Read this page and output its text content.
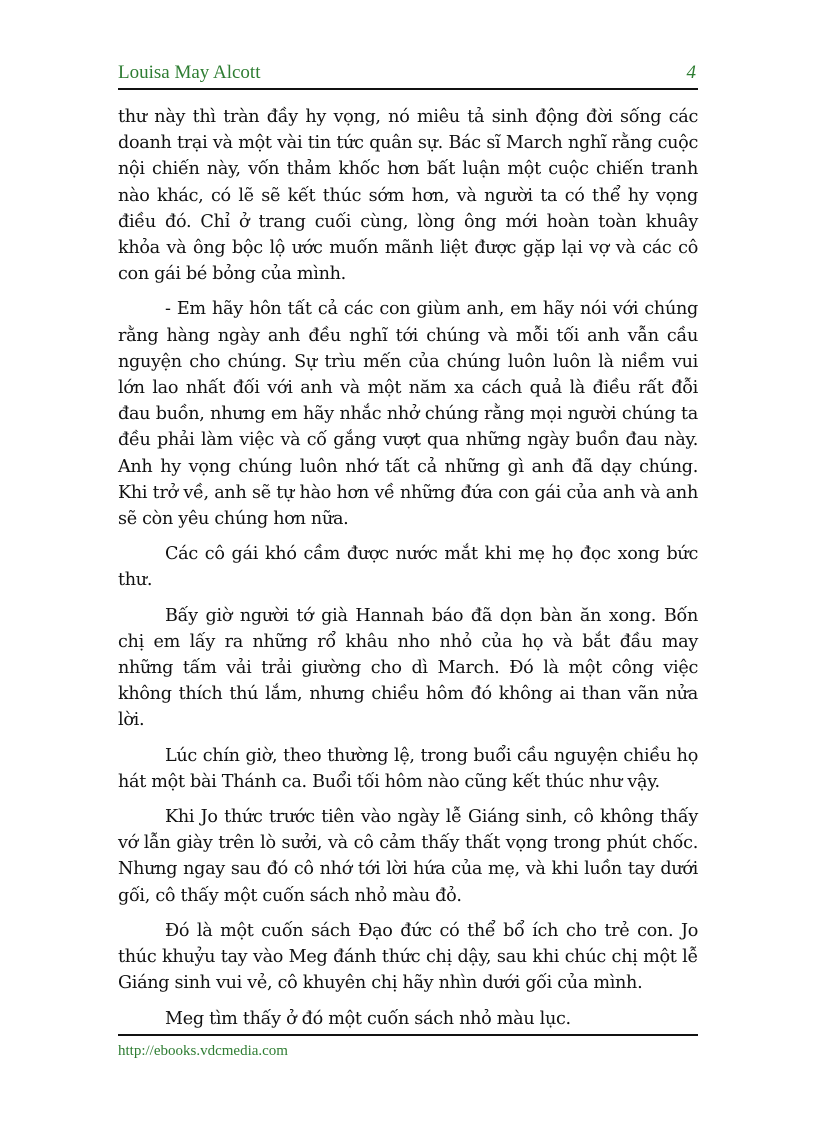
Louisa May Alcott	4

thư này thì tràn đầy hy vọng, nó miêu tả sinh động đời sống các doanh trại và một vài tin tức quân sự. Bác sĩ March nghĩ rằng cuộc nội chiến này, vốn thảm khốc hơn bất luận một cuộc chiến tranh nào khác, có lẽ sẽ kết thúc sớm hơn, và người ta có thể hy vọng điều đó. Chỉ ở trang cuối cùng, lòng ông mới hoàn toàn khuây khỏa và ông bộc lộ ước muốn mãnh liệt được gặp lại vợ và các cô con gái bé bỏng của mình.

- Em hãy hôn tất cả các con giùm anh, em hãy nói với chúng rằng hàng ngày anh đều nghĩ tới chúng và mỗi tối anh vẫn cầu nguyện cho chúng. Sự trìu mến của chúng luôn luôn là niềm vui lớn lao nhất đối với anh và một năm xa cách quả là điều rất đỗi đau buồn, nhưng em hãy nhắc nhở chúng rằng mọi người chúng ta đều phải làm việc và cố gắng vượt qua những ngày buồn đau này. Anh hy vọng chúng luôn nhớ tất cả những gì anh đã dạy chúng. Khi trở về, anh sẽ tự hào hơn về những đứa con gái của anh và anh sẽ còn yêu chúng hơn nữa.

Các cô gái khó cầm được nước mắt khi mẹ họ đọc xong bức thư.

Bấy giờ người tớ già Hannah báo đã dọn bàn ăn xong. Bốn chị em lấy ra những rổ khâu nho nhỏ của họ và bắt đầu may những tấm vải trải giường cho dì March. Đó là một công việc không thích thú lắm, nhưng chiều hôm đó không ai than vãn nửa lời.

Lúc chín giờ, theo thường lệ, trong buổi cầu nguyện chiều họ hát một bài Thánh ca. Buổi tối hôm nào cũng kết thúc như vậy.

Khi Jo thức trước tiên vào ngày lễ Giáng sinh, cô không thấy vớ lẫn giày trên lò sưởi, và cô cảm thấy thất vọng trong phút chốc. Nhưng ngay sau đó cô nhớ tới lời hứa của mẹ, và khi luồn tay dưới gối, cô thấy một cuốn sách nhỏ màu đỏ.

Đó là một cuốn sách Đạo đức có thể bổ ích cho trẻ con. Jo thúc khuỷu tay vào Meg đánh thức chị dậy, sau khi chúc chị một lễ Giáng sinh vui vẻ, cô khuyên chị hãy nhìn dưới gối của mình.

Meg tìm thấy ở đó một cuốn sách nhỏ màu lục.

http://ebooks.vdcmedia.com
